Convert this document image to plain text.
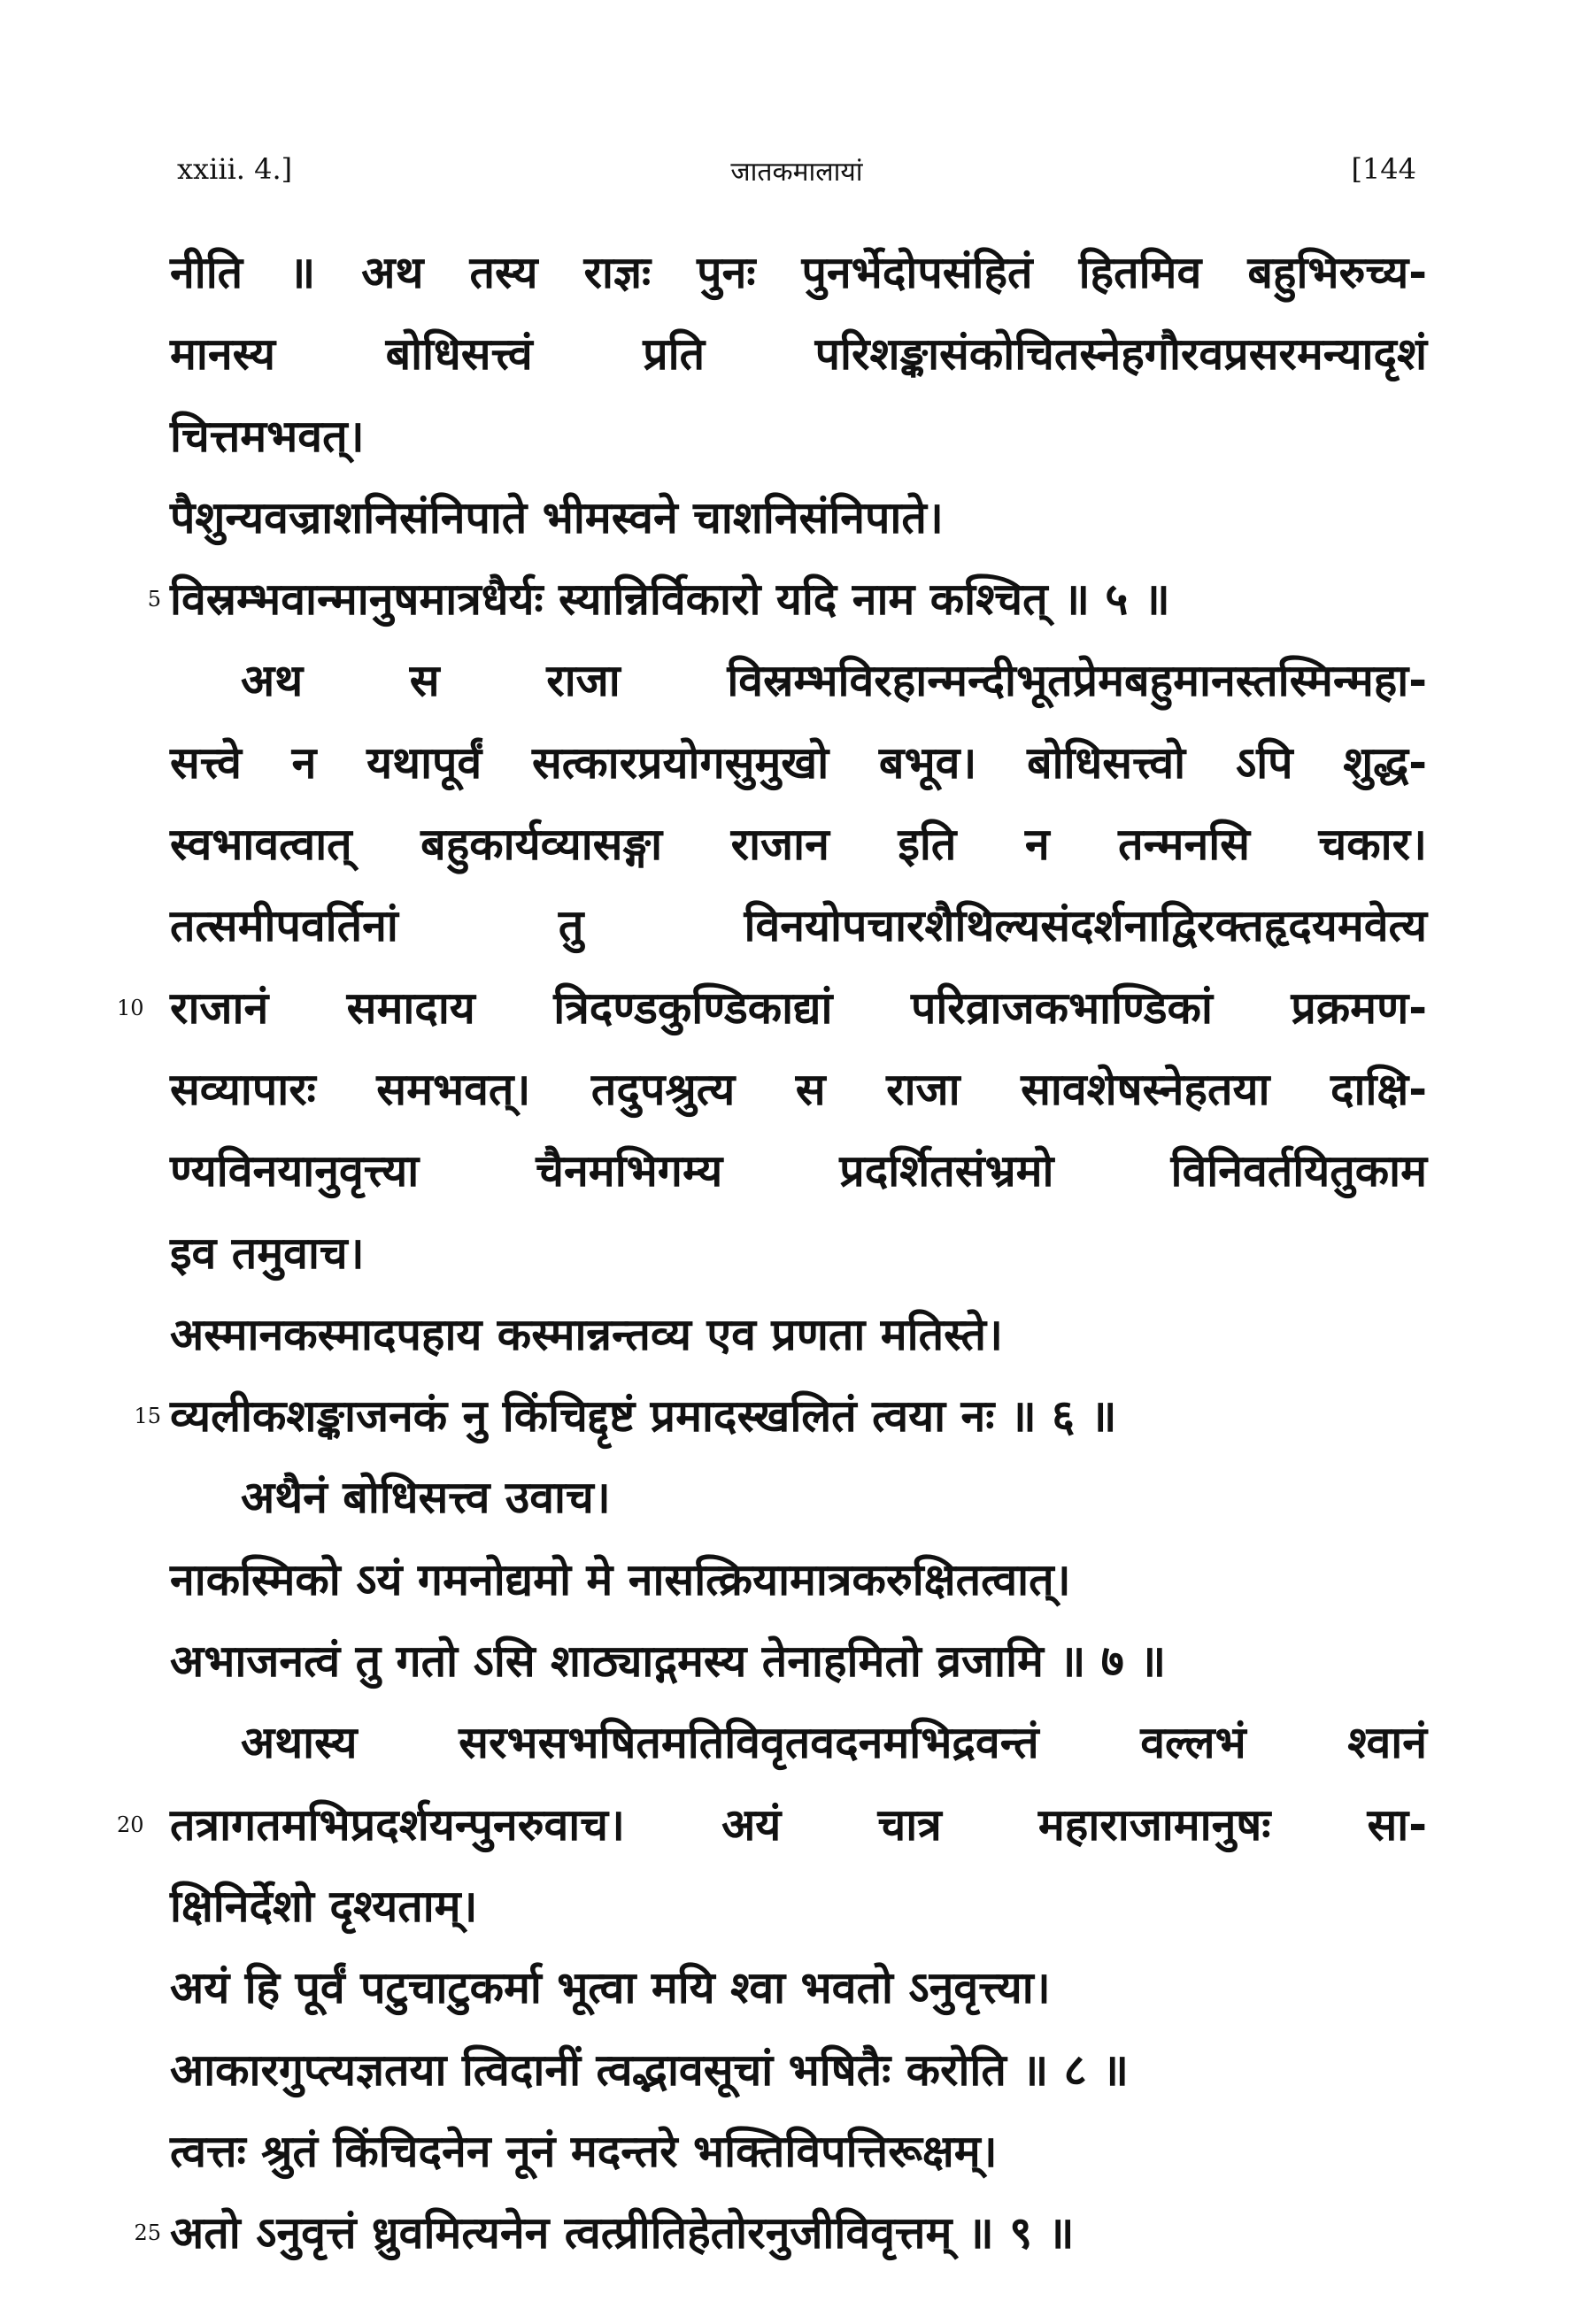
xxiii. 4.]	जातकमालायां	[144
नीति ॥ अथ तस्य राज्ञः पुनः पुनर्भेदोपसंहितं हितमिव बहुभिरुच्य-
मानस्य बोधिसत्त्वं प्रति परिशङ्कासंकोचितस्नेहगौरवप्रसरमन्यादृशं
चित्तमभवत्।
पैशुन्यवज्राशनिसंनिपाते भीमस्वने चाशनिसंनिपाते।
5 विस्रम्भवान्मानुषमात्रधैर्यः स्यान्निर्विकारो यदि नाम कश्चित् ॥ ५ ॥
अथ स राजा विस्रम्भविरहान्मन्दीभूतप्रेमबहुमानस्तस्मिन्महा-
सत्त्वे न यथापूर्वं सत्कारप्रयोगसुमुखो बभूव। बोधिसत्त्वो ऽपि शुद्ध-
स्वभावत्वात् बहुकार्यव्यासङ्गा राजान इति न तन्मनसि चकार।
तत्समीपवर्तिनां तु विनयोपचारशैथिल्यसंदर्शनाद्विरक्तहृदयमवेत्य
10 राजानं समादाय त्रिदण्डकुण्डिकाद्यां परिव्राजकभाण्डिकां प्रक्रमण-
सव्यापारः समभवत्। तदुपश्रुत्य स राजा सावशेषस्नेहतया दाक्षि-
ण्यविनयानुवृत्त्या चैनमभिगम्य प्रदर्शितसंभ्रमो विनिवर्तयितुकाम
इव तमुवाच।
अस्मानकस्मादपहाय कस्मान्नन्तव्य एव प्रणता मतिस्ते।
15 व्यलीकशङ्काजनकं नु किंचिद्दृष्टं प्रमादस्खलितं त्वया नः ॥ ६ ॥
अथैनं बोधिसत्त्व उवाच।
नाकस्मिको ऽयं गमनोद्यमो मे नासत्क्रियामात्रकरुक्षितत्वात्।
अभाजनत्वं तु गतो ऽसि शाठ्याद्गमस्य तेनाहमितो व्रजामि ॥ ७ ॥
अथास्य सरभसभषितमतिविवृतवदनमभिद्रवन्तं वल्लभं श्वानं
20 तत्रागतमभिप्रदर्शयन्पुनरुवाच। अयं चात्र महाराजामानुषः सा-
क्षिनिर्देशो दृश्यताम्।
अयं हि पूर्वं पटुचाटुकर्मा भूत्वा मयि श्वा भवतो ऽनुवृत्त्या।
आकारगुप्त्यज्ञतया त्विदानीं त्वद्भावसूचां भषितैः करोति ॥ ८ ॥
त्वत्तः श्रुतं किंचिदनेन नूनं मदन्तरे भक्तिविपत्तिरूक्षम्।
25 अतो ऽनुवृत्तं ध्रुवमित्यनेन त्वत्प्रीतिहेतोरनुजीविवृत्तम् ॥ ९ ॥
